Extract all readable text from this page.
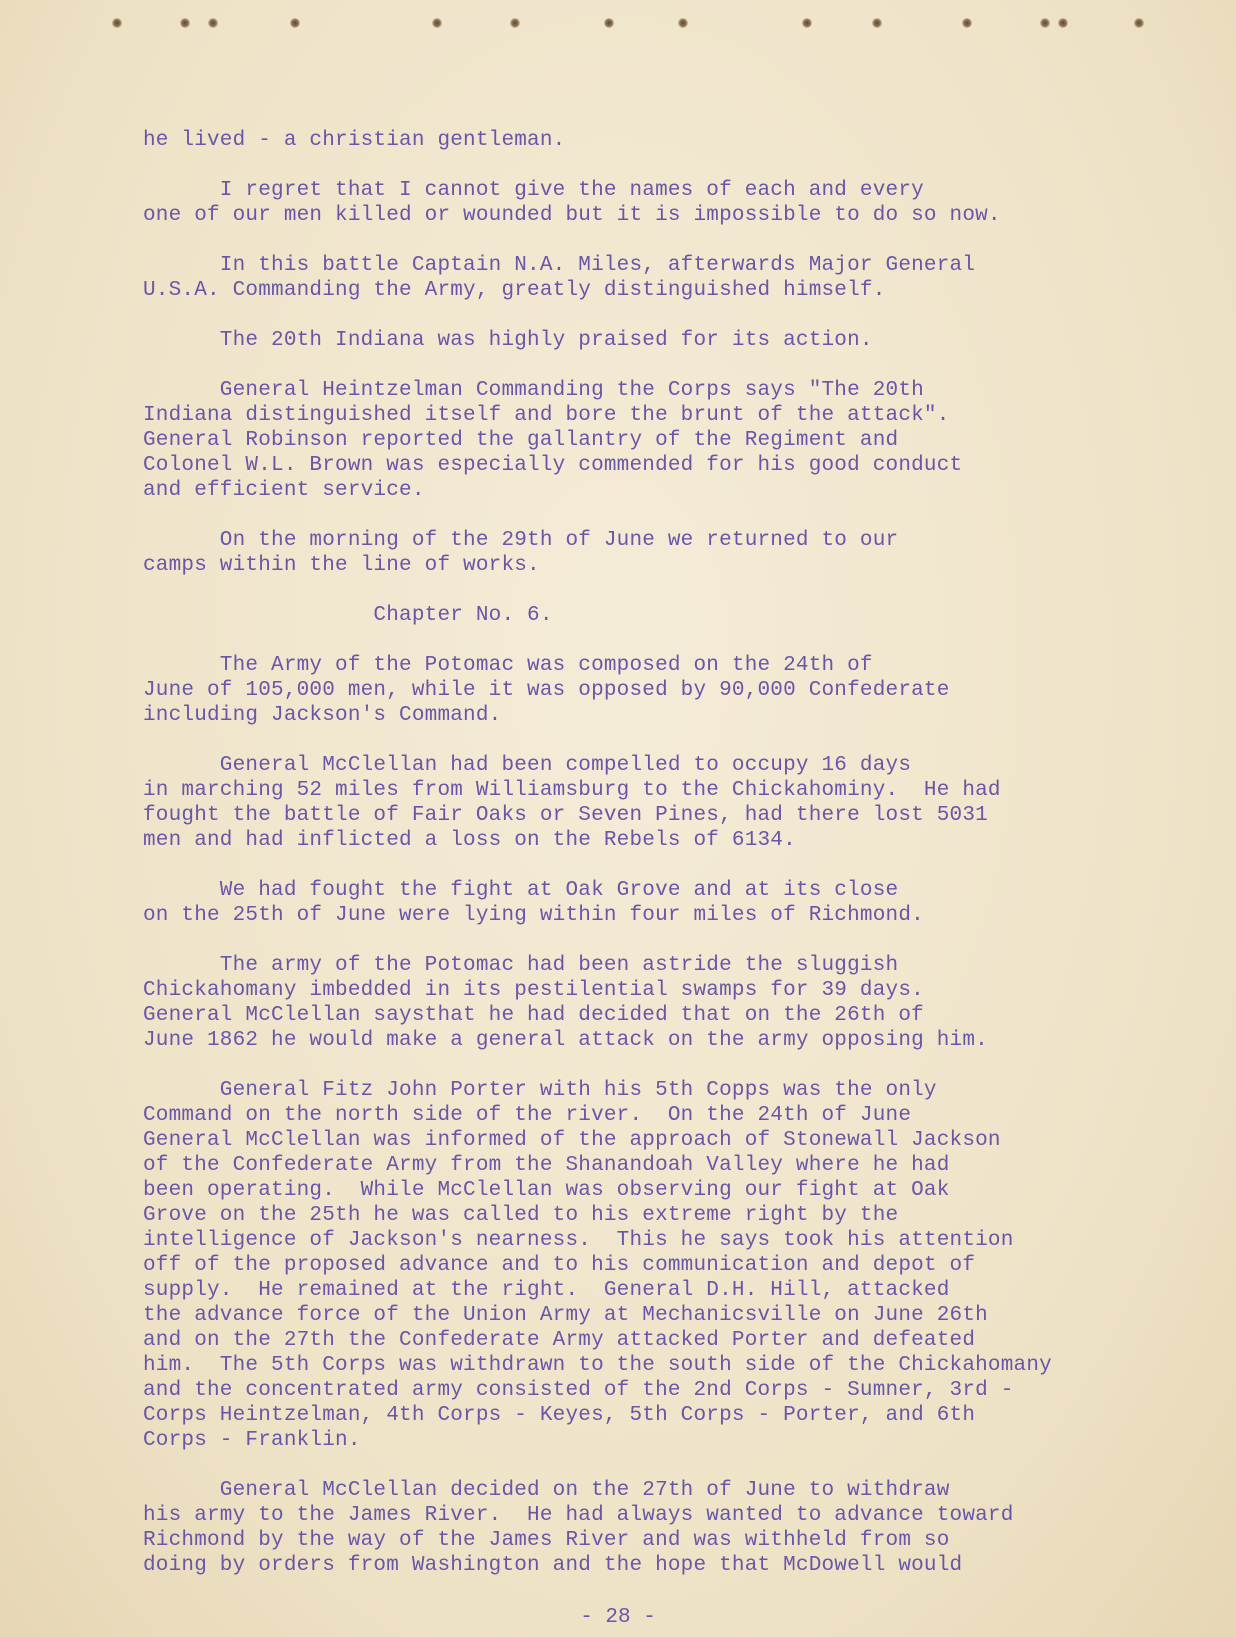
he lived - a christian gentleman.

I regret that I cannot give the names of each and every
one of our men killed or wounded but it is impossible to do so now.

In this battle Captain N.A. Miles, afterwards Major General
U.S.A. Commanding the Army, greatly distinguished himself.

The 20th Indiana was highly praised for its action.

General Heintzelman Commanding the Corps says "The 20th
Indiana distinguished itself and bore the brunt of the attack".
General Robinson reported the gallantry of the Regiment and
Colonel W.L. Brown was especially commended for his good conduct
and efficient service.

On the morning of the 29th of June we returned to our
camps within the line of works.

Chapter No. 6.

The Army of the Potomac was composed on the 24th of
June of 105,000 men, while it was opposed by 90,000 Confederate
including Jackson's Command.

General McClellan had been compelled to occupy 16 days
in marching 52 miles from Williamsburg to the Chickahominy.  He had
fought the battle of Fair Oaks or Seven Pines, had there lost 5031
men and had inflicted a loss on the Rebels of 6134.

We had fought the fight at Oak Grove and at its close
on the 25th of June were lying within four miles of Richmond.

The army of the Potomac had been astride the sluggish
Chickahomany imbedded in its pestilential swamps for 39 days.
General McClellan saysthat he had decided that on the 26th of
June 1862 he would make a general attack on the army opposing him.

General Fitz John Porter with his 5th Copps was the only
Command on the north side of the river.  On the 24th of June
General McClellan was informed of the approach of Stonewall Jackson
of the Confederate Army from the Shanandoah Valley where he had
been operating.  While McClellan was observing our fight at Oak
Grove on the 25th he was called to his extreme right by the
intelligence of Jackson's nearness.  This he says took his attention
off of the proposed advance and to his communication and depot of
supply.  He remained at the right.  General D.H. Hill, attacked
the advance force of the Union Army at Mechanicsville on June 26th
and on the 27th the Confederate Army attacked Porter and defeated
him.  The 5th Corps was withdrawn to the south side of the Chickahomany
and the concentrated army consisted of the 2nd Corps - Sumner, 3rd -
Corps Heintzelman, 4th Corps - Keyes, 5th Corps - Porter, and 6th
Corps - Franklin.

General McClellan decided on the 27th of June to withdraw
his army to the James River.  He had always wanted to advance toward
Richmond by the way of the James River and was withheld from so
doing by orders from Washington and the hope that McDowell would
- 28 -
